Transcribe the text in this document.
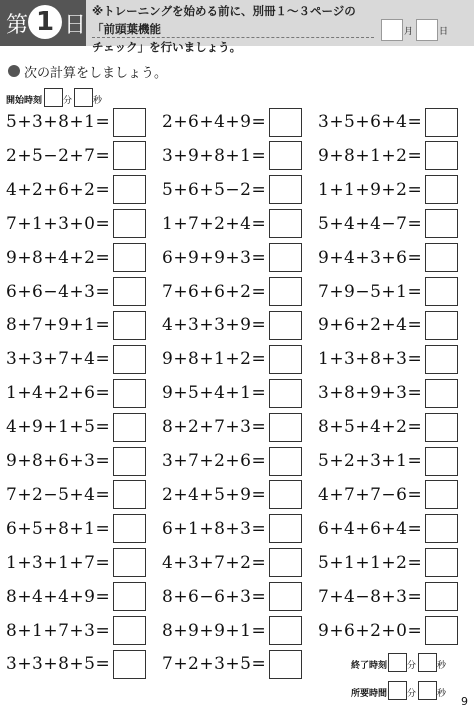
第 1 日
※トレーニングを始める前に、別冊１〜３ページの「前頭葉機能
チェック」を行いましょう。
月	日
次の計算をしましょう。
開始時刻 分 秒
5+3+8+1=	2+6+4+9=	3+5+6+4=
2+5−2+7=	3+9+8+1=	9+8+1+2=
4+2+6+2=	5+6+5−2=	1+1+9+2=
7+1+3+0=	1+7+2+4=	5+4+4−7=
9+8+4+2=	6+9+9+3=	9+4+3+6=
6+6−4+3=	7+6+6+2=	7+9−5+1=
8+7+9+1=	4+3+3+9=	9+6+2+4=
3+3+7+4=	9+8+1+2=	1+3+8+3=
1+4+2+6=	9+5+4+1=	3+8+9+3=
4+9+1+5=	8+2+7+3=	8+5+4+2=
9+8+6+3=	3+7+2+6=	5+2+3+1=
7+2−5+4=	2+4+5+9=	4+7+7−6=
6+5+8+1=	6+1+8+3=	6+4+6+4=
1+3+1+7=	4+3+7+2=	5+1+1+2=
8+4+4+9=	8+6−6+3=	7+4−8+3=
8+1+7+3=	8+9+9+1=	9+6+2+0=
3+3+8+5=	7+2+3+5=	終了時刻 分 秒
所要時間 分 秒
9
